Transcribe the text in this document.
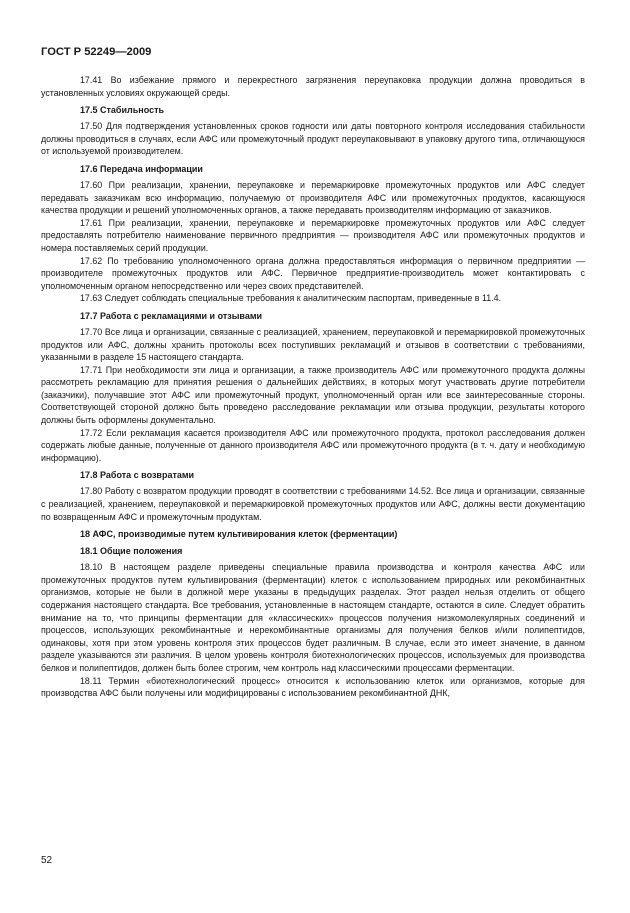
ГОСТ Р 52249—2009

17.41 Во избежание прямого и перекрестного загрязнения переупаковка продукции должна проводиться в установленных условиях окружающей среды.

17.5 Стабильность

17.50 Для подтверждения установленных сроков годности или даты повторного контроля исследования стабильности должны проводиться в случаях, если АФС или промежуточный продукт переупаковывают в упаковку другого типа, отличающуюся от используемой производителем.

17.6 Передача информации

17.60 При реализации, хранении, переупаковке и перемаркировке промежуточных продуктов или АФС следует передавать заказчикам всю информацию, получаемую от производителя АФС или промежуточных продуктов, касающуюся качества продукции и решений уполномоченных органов, а также передавать производителям информацию от заказчиков.

17.61 При реализации, хранении, переупаковке и перемаркировке промежуточных продуктов или АФС следует предоставлять потребителю наименование первичного предприятия — производителя АФС или промежуточных продуктов и номера поставляемых серий продукции.

17.62 По требованию уполномоченного органа должна предоставляться информация о первичном предприятии — производителе промежуточных продуктов или АФС. Первичное предприятие-производитель может контактировать с уполномоченным органом непосредственно или через своих представителей.

17.63 Следует соблюдать специальные требования к аналитическим паспортам, приведенные в 11.4.

17.7 Работа с рекламациями и отзывами

17.70 Все лица и организации, связанные с реализацией, хранением, переупаковкой и перемаркировкой промежуточных продуктов или АФС, должны хранить протоколы всех поступивших рекламаций и отзывов в соответствии с требованиями, указанными в разделе 15 настоящего стандарта.

17.71 При необходимости эти лица и организации, а также производитель АФС или промежуточного продукта должны рассмотреть рекламацию для принятия решения о дальнейших действиях, в которых могут участвовать другие потребители (заказчики), получавшие этот АФС или промежуточный продукт, уполномоченный орган или все заинтересованные стороны. Соответствующей стороной должно быть проведено расследование рекламации или отзыва продукции, результаты которого должны быть оформлены документально.

17.72 Если рекламация касается производителя АФС или промежуточного продукта, протокол расследования должен содержать любые данные, полученные от данного производителя АФС или промежуточного продукта (в т. ч. дату и необходимую информацию).

17.8 Работа с возвратами

17.80 Работу с возвратом продукции проводят в соответствии с требованиями 14.52. Все лица и организации, связанные с реализацией, хранением, переупаковкой и перемаркировкой промежуточных продуктов или АФС, должны вести документацию по возвращенным АФС и промежуточным продуктам.

18 АФС, производимые путем культивирования клеток (ферментации)
18.1 Общие положения

18.10 В настоящем разделе приведены специальные правила производства и контроля качества АФС или промежуточных продуктов путем культивирования (ферментации) клеток с использованием природных или рекомбинантных организмов, которые не были в должной мере указаны в предыдущих разделах. Этот раздел нельзя отделить от общего содержания настоящего стандарта. Все требования, установленные в настоящем стандарте, остаются в силе. Следует обратить внимание на то, что принципы ферментации для «классических» процессов получения низкомолекулярных соединений и процессов, использующих рекомбинантные и нерекомбинантные организмы для получения белков и/или полипептидов, одинаковы, хотя при этом уровень контроля этих процессов будет различным. В случае, если это имеет значение, в данном разделе указываются эти различия. В целом уровень контроля биотехнологических процессов, используемых для производства белков и полипептидов, должен быть более строгим, чем контроль над классическими процессами ферментации.

18.11 Термин «биотехнологический процесс» относится к использованию клеток или организмов, которые для производства АФС были получены или модифицированы с использованием рекомбинантной ДНК,

52
